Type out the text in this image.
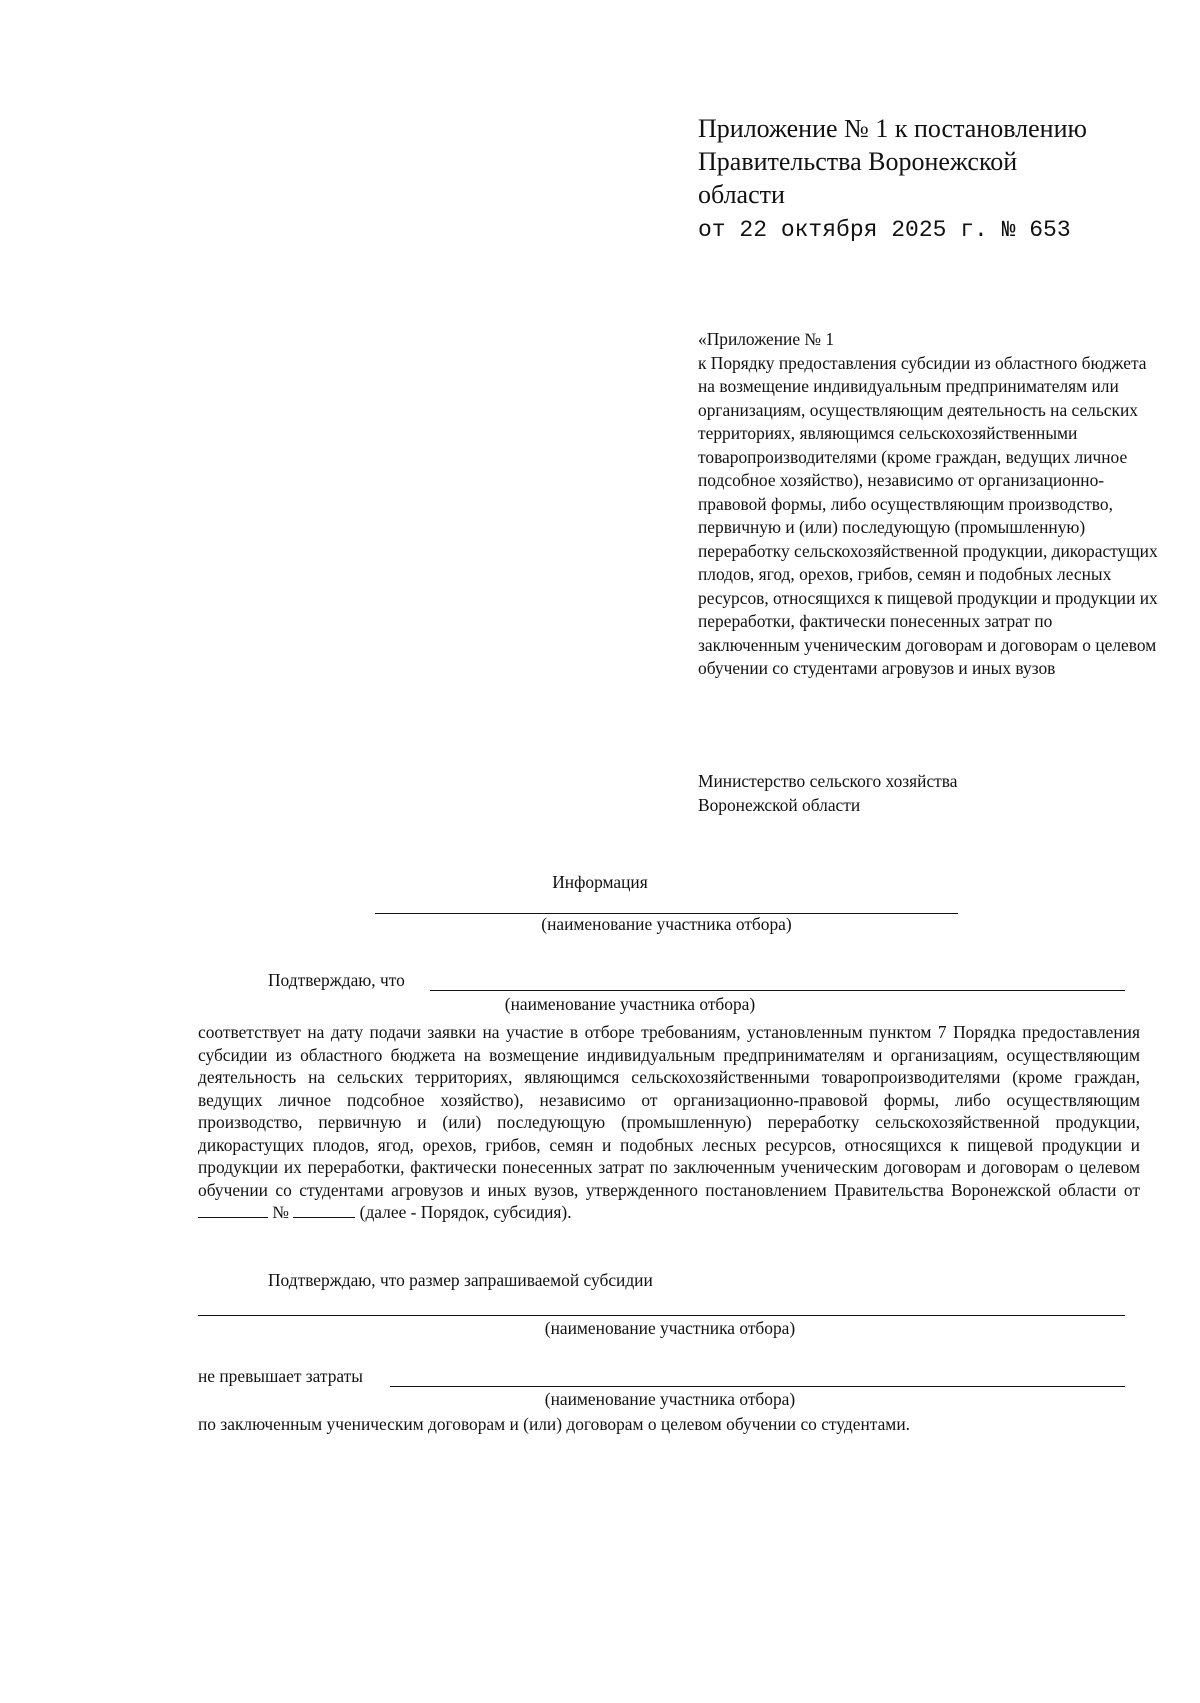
Приложение № 1 к постановлению
Правительства Воронежской
области
от 22 октября 2025 г. № 653
«Приложение № 1
к Порядку предоставления субсидии из областного бюджета на возмещение индивидуальным предпринимателям или организациям, осуществляющим деятельность на сельских территориях, являющимся сельскохозяйственными товаропроизводителями (кроме граждан, ведущих личное подсобное хозяйство), независимо от организационно-правовой формы, либо осуществляющим производство, первичную и (или) последующую (промышленную) переработку сельскохозяйственной продукции, дикорастущих плодов, ягод, орехов, грибов, семян и подобных лесных ресурсов, относящихся к пищевой продукции и продукции их переработки, фактически понесенных затрат по заключенным ученическим договорам и договорам о целевом обучении со студентами агровузов и иных вузов
Министерство сельского хозяйства
Воронежской области
Информация
(наименование участника отбора)
Подтверждаю, что
(наименование участника отбора)
соответствует на дату подачи заявки на участие в отборе требованиям, установленным пунктом 7 Порядка предоставления субсидии из областного бюджета на возмещение индивидуальным предпринимателям и организациям, осуществляющим деятельность на сельских территориях, являющимся сельскохозяйственными товаропроизводителями (кроме граждан, ведущих личное подсобное хозяйство), независимо от организационно-правовой формы, либо осуществляющим производство, первичную и (или) последующую (промышленную) переработку сельскохозяйственной продукции, дикорастущих плодов, ягод, орехов, грибов, семян и подобных лесных ресурсов, относящихся к пищевой продукции и продукции их переработки, фактически понесенных затрат по заключенным ученическим договорам и договорам о целевом обучении со студентами агровузов и иных вузов, утвержденного постановлением Правительства Воронежской области от  №	(далее - Порядок, субсидия).
Подтверждаю, что размер запрашиваемой субсидии
(наименование участника отбора)
не превышает затраты
(наименование участника отбора)
по заключенным ученическим договорам и (или) договорам о целевом обучении со студентами.
